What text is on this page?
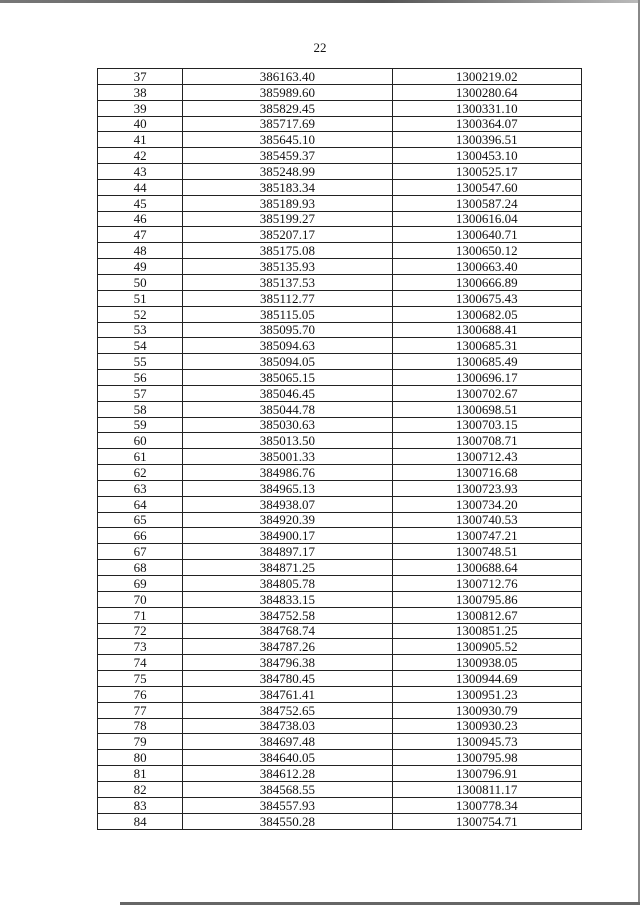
22
37	386163.40	1300219.02
38	385989.60	1300280.64
39	385829.45	1300331.10
40	385717.69	1300364.07
41	385645.10	1300396.51
42	385459.37	1300453.10
43	385248.99	1300525.17
44	385183.34	1300547.60
45	385189.93	1300587.24
46	385199.27	1300616.04
47	385207.17	1300640.71
48	385175.08	1300650.12
49	385135.93	1300663.40
50	385137.53	1300666.89
51	385112.77	1300675.43
52	385115.05	1300682.05
53	385095.70	1300688.41
54	385094.63	1300685.31
55	385094.05	1300685.49
56	385065.15	1300696.17
57	385046.45	1300702.67
58	385044.78	1300698.51
59	385030.63	1300703.15
60	385013.50	1300708.71
61	385001.33	1300712.43
62	384986.76	1300716.68
63	384965.13	1300723.93
64	384938.07	1300734.20
65	384920.39	1300740.53
66	384900.17	1300747.21
67	384897.17	1300748.51
68	384871.25	1300688.64
69	384805.78	1300712.76
70	384833.15	1300795.86
71	384752.58	1300812.67
72	384768.74	1300851.25
73	384787.26	1300905.52
74	384796.38	1300938.05
75	384780.45	1300944.69
76	384761.41	1300951.23
77	384752.65	1300930.79
78	384738.03	1300930.23
79	384697.48	1300945.73
80	384640.05	1300795.98
81	384612.28	1300796.91
82	384568.55	1300811.17
83	384557.93	1300778.34
84	384550.28	1300754.71
